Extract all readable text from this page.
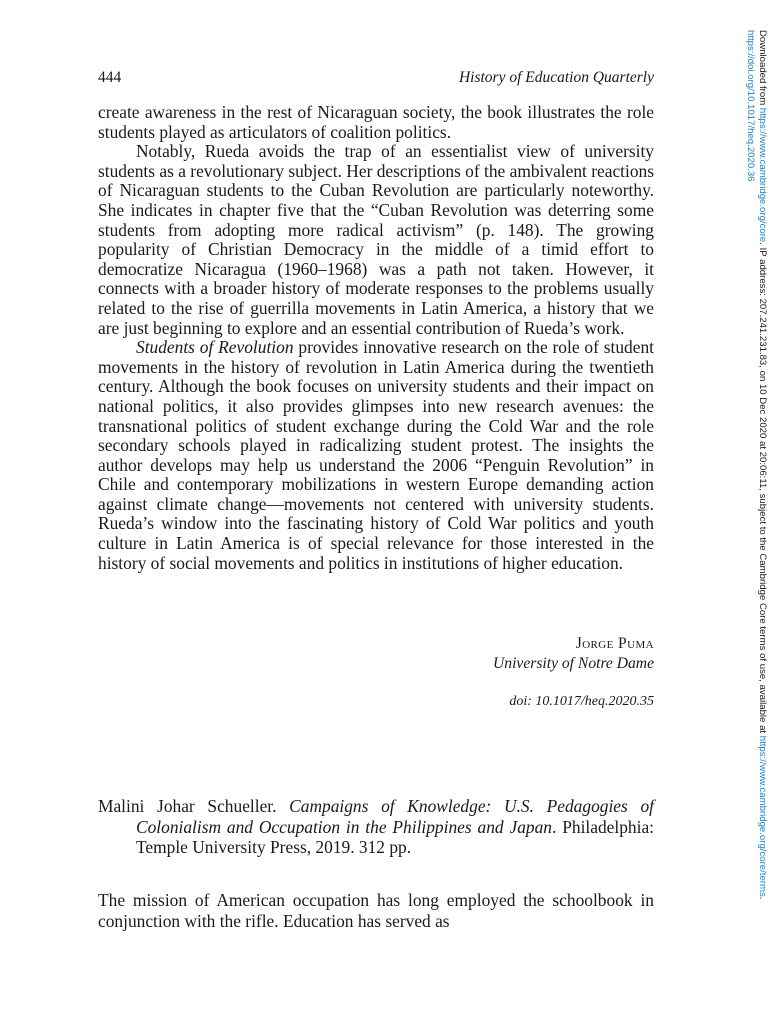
444	History of Education Quarterly

create awareness in the rest of Nicaraguan society, the book illustrates the role students played as articulators of coalition politics.

Notably, Rueda avoids the trap of an essentialist view of university students as a revolutionary subject. Her descriptions of the ambivalent reactions of Nicaraguan students to the Cuban Revolution are particularly noteworthy. She indicates in chapter five that the “Cuban Revolution was deterring some students from adopting more radical activism” (p. 148). The growing popularity of Christian Democracy in the middle of a timid effort to democratize Nicaragua (1960–1968) was a path not taken. However, it connects with a broader history of moderate responses to the problems usually related to the rise of guerrilla movements in Latin America, a history that we are just beginning to explore and an essential contribution of Rueda’s work.

Students of Revolution provides innovative research on the role of student movements in the history of revolution in Latin America during the twentieth century. Although the book focuses on university students and their impact on national politics, it also provides glimpses into new research avenues: the transnational politics of student exchange during the Cold War and the role secondary schools played in radicalizing student protest. The insights the author develops may help us understand the 2006 “Penguin Revolution” in Chile and contemporary mobilizations in western Europe demanding action against climate change—movements not centered with university students. Rueda’s window into the fascinating history of Cold War politics and youth culture in Latin America is of special relevance for those interested in the history of social movements and politics in institutions of higher education.

Jorge Puma
University of Notre Dame
doi: 10.1017/heq.2020.35
Malini Johar Schueller. Campaigns of Knowledge: U.S. Pedagogies of Colonialism and Occupation in the Philippines and Japan. Philadelphia: Temple University Press, 2019. 312 pp.
The mission of American occupation has long employed the schoolbook in conjunction with the rifle. Education has served as
Downloaded from https://www.cambridge.org/core. IP address: 207.241.231.83, on 10 Dec 2020 at 20:06:11, subject to the Cambridge Core terms of use, available at https://www.cambridge.org/core/terms.
https://doi.org/10.1017/heq.2020.36
